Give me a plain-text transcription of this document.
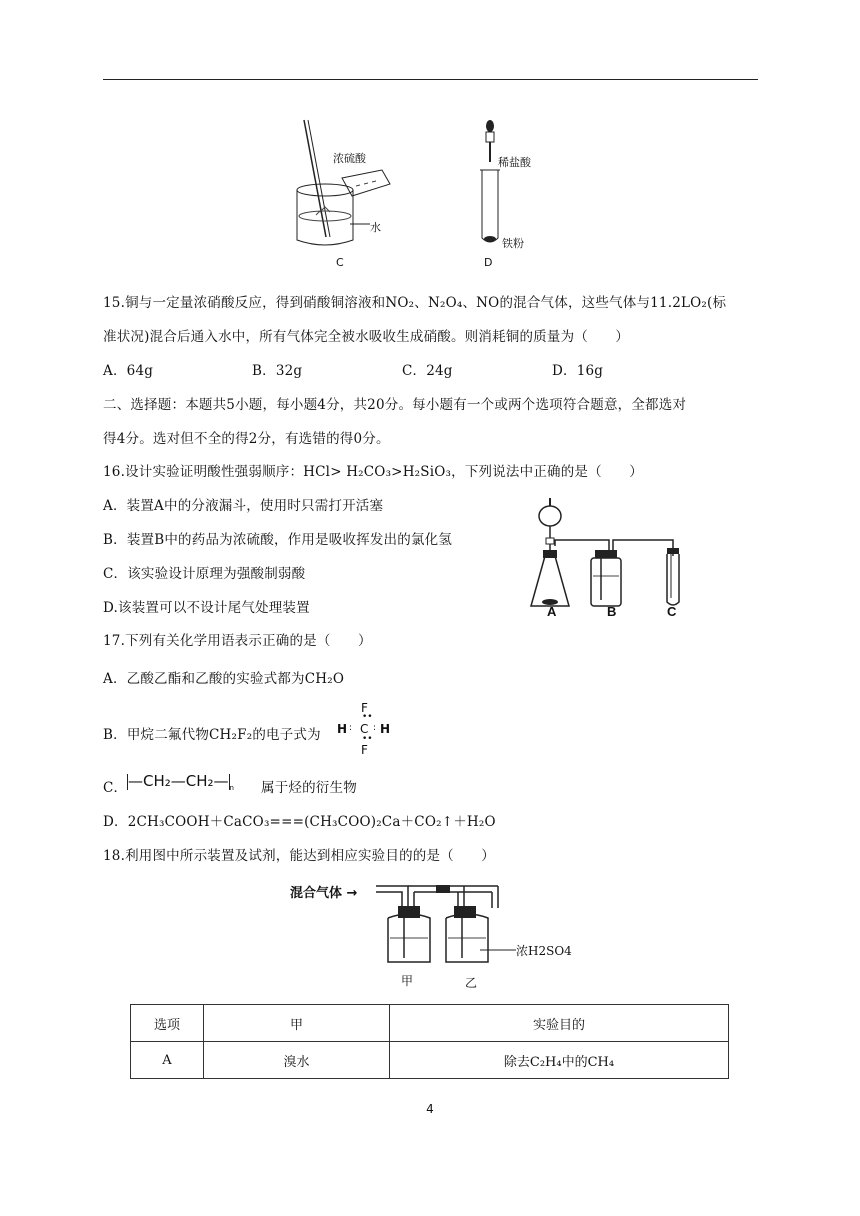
浓硫酸
水
C
稀盐酸
铁粉
D
15.铜与一定量浓硝酸反应，得到硝酸铜溶液和NO₂、N₂O₄、NO的混合气体，这些气体与11.2LO₂(标
准状况)混合后通入水中，所有气体完全被水吸收生成硝酸。则消耗铜的质量为（　　）
A．64g	B．32g	C．24g	D．16g
二、选择题：本题共5小题，每小题4分，共20分。每小题有一个或两个选项符合题意，全都选对
得4分。选对但不全的得2分，有选错的得0分。
16.设计实验证明酸性强弱顺序：HCl> H₂CO₃>H₂SiO₃，下列说法中正确的是（　　）
A．装置A中的分液漏斗，使用时只需打开活塞
B．装置B中的药品为浓硫酸，作用是吸收挥发出的氯化氢
C．该实验设计原理为强酸制弱酸
D.该装置可以不设计尾气处理装置	A	B	C
17.下列有关化学用语表示正确的是（　　）
A．乙酸乙酯和乙酸的实验式都为CH₂O
B．甲烷二氟代物CH₂F₂的电子式为
F
••
H : C : H
••
F
C． $—CH_2—CH_2—_n$ 属于烃的衍生物
D．2CH₃COOH＋CaCO₃===(CH₃COO)₂Ca＋CO₂↑＋H₂O
18.利用图中所示装置及试剂，能达到相应实验目的的是（　　）
混合气体 →
浓H2SO4
甲	乙
选项	甲	实验目的
A	溴水	除去C₂H₄中的CH₄
4
